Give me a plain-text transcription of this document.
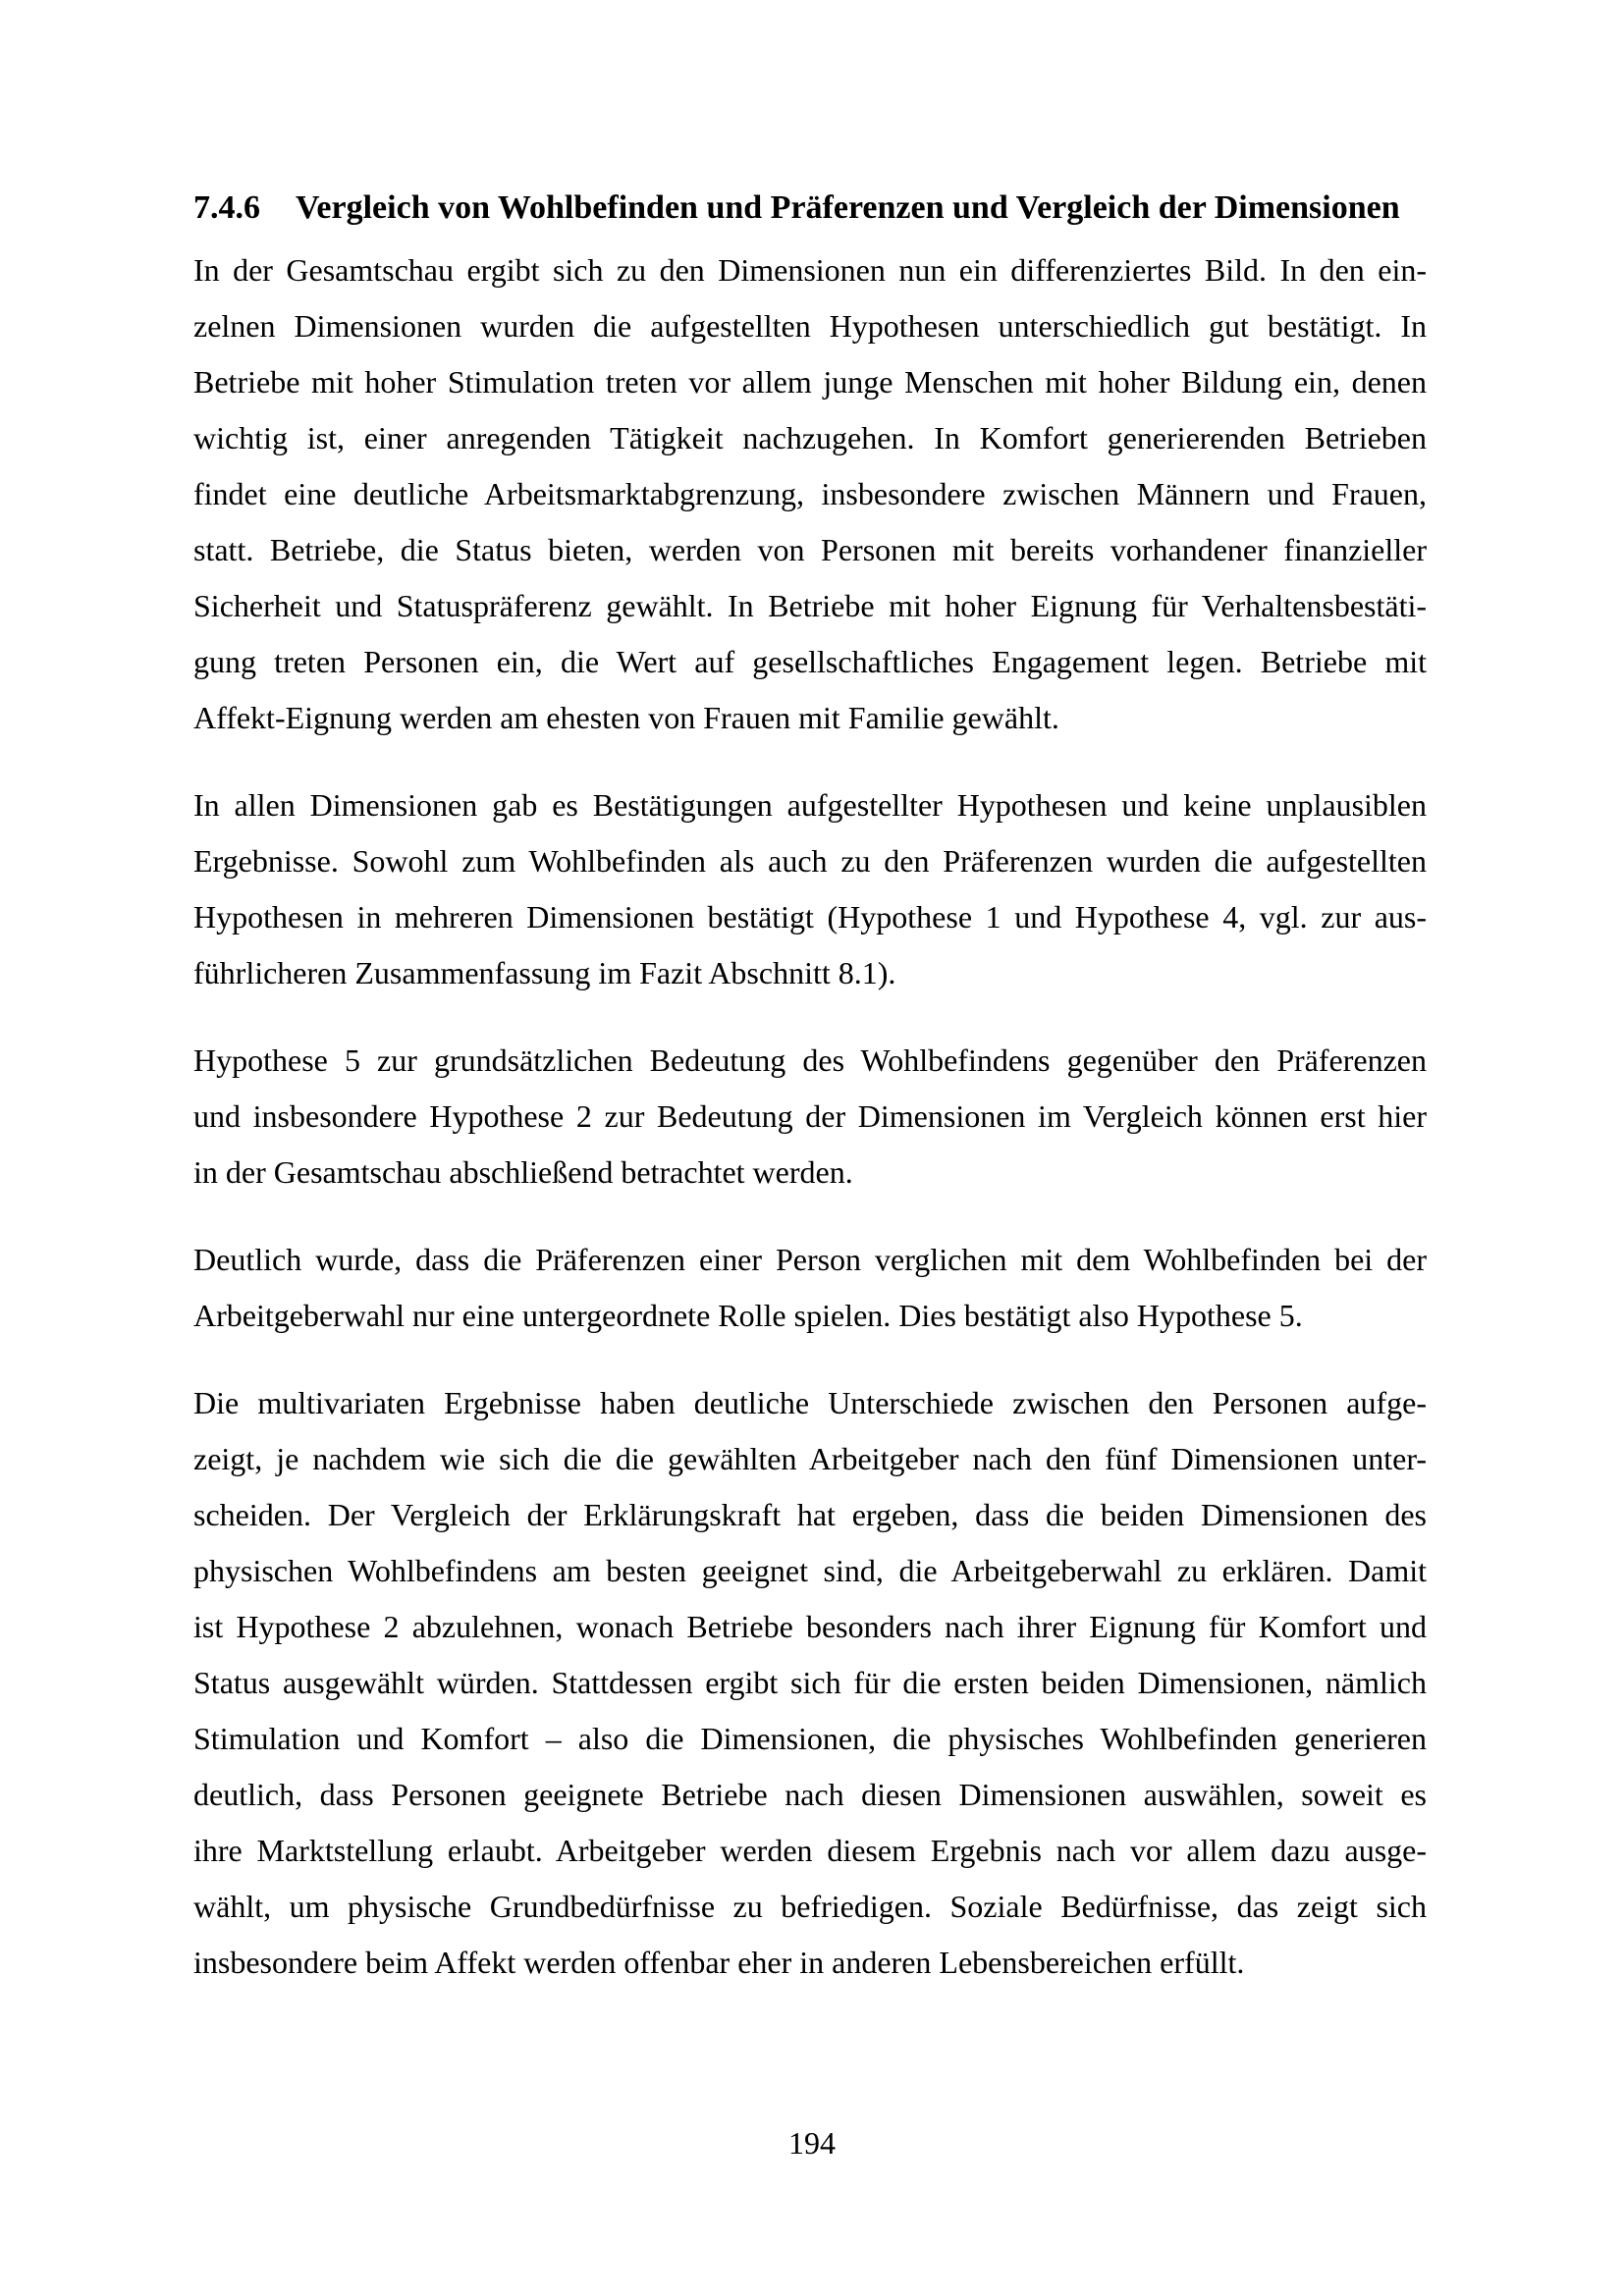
7.4.6 Vergleich von Wohlbefinden und Präferenzen und Vergleich der Dimensionen
In der Gesamtschau ergibt sich zu den Dimensionen nun ein differenziertes Bild. In den ein-
zelnen Dimensionen wurden die aufgestellten Hypothesen unterschiedlich gut bestätigt. In
Betriebe mit hoher Stimulation treten vor allem junge Menschen mit hoher Bildung ein, denen
wichtig ist, einer anregenden Tätigkeit nachzugehen. In Komfort generierenden Betrieben
findet eine deutliche Arbeitsmarktabgrenzung, insbesondere zwischen Männern und Frauen,
statt. Betriebe, die Status bieten, werden von Personen mit bereits vorhandener finanzieller
Sicherheit und Statuspräferenz gewählt. In Betriebe mit hoher Eignung für Verhaltensbestäti-
gung treten Personen ein, die Wert auf gesellschaftliches Engagement legen. Betriebe mit
Affekt-Eignung werden am ehesten von Frauen mit Familie gewählt.
In allen Dimensionen gab es Bestätigungen aufgestellter Hypothesen und keine unplausiblen
Ergebnisse. Sowohl zum Wohlbefinden als auch zu den Präferenzen wurden die aufgestellten
Hypothesen in mehreren Dimensionen bestätigt (Hypothese 1 und Hypothese 4, vgl. zur aus-
führlicheren Zusammenfassung im Fazit Abschnitt 8.1).
Hypothese 5 zur grundsätzlichen Bedeutung des Wohlbefindens gegenüber den Präferenzen
und insbesondere Hypothese 2 zur Bedeutung der Dimensionen im Vergleich können erst hier
in der Gesamtschau abschließend betrachtet werden.
Deutlich wurde, dass die Präferenzen einer Person verglichen mit dem Wohlbefinden bei der
Arbeitgeberwahl nur eine untergeordnete Rolle spielen. Dies bestätigt also Hypothese 5.
Die multivariaten Ergebnisse haben deutliche Unterschiede zwischen den Personen aufge-
zeigt, je nachdem wie sich die die gewählten Arbeitgeber nach den fünf Dimensionen unter-
scheiden. Der Vergleich der Erklärungskraft hat ergeben, dass die beiden Dimensionen des
physischen Wohlbefindens am besten geeignet sind, die Arbeitgeberwahl zu erklären. Damit
ist Hypothese 2 abzulehnen, wonach Betriebe besonders nach ihrer Eignung für Komfort und
Status ausgewählt würden. Stattdessen ergibt sich für die ersten beiden Dimensionen, nämlich
Stimulation und Komfort – also die Dimensionen, die physisches Wohlbefinden generieren
deutlich, dass Personen geeignete Betriebe nach diesen Dimensionen auswählen, soweit es
ihre Marktstellung erlaubt. Arbeitgeber werden diesem Ergebnis nach vor allem dazu ausge-
wählt, um physische Grundbedürfnisse zu befriedigen. Soziale Bedürfnisse, das zeigt sich
insbesondere beim Affekt werden offenbar eher in anderen Lebensbereichen erfüllt.
194
